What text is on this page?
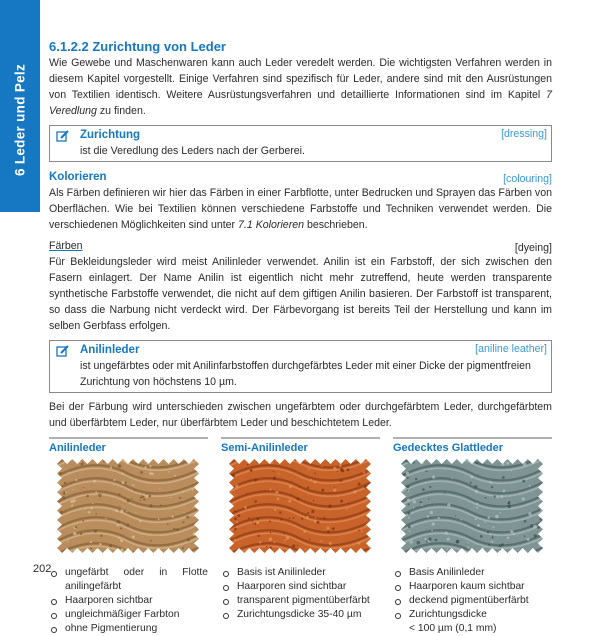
6 Leder und Pelz
6.1.2.2 Zurichtung von Leder

Wie Gewebe und Maschenwaren kann auch Leder veredelt werden. Die wichtigsten Verfahren werden in diesem Kapitel vorgestellt. Einige Verfahren sind spezifisch für Leder, andere sind mit den Ausrüstungen von Textilien identisch. Weitere Ausrüstungsverfahren und detaillierte Informationen sind im Kapitel 7 Veredlung zu finden.

Zurichtung	[dressing]
ist die Veredlung des Leders nach der Gerberei.
Kolorieren	[colouring]

Als Färben definieren wir hier das Färben in einer Farbflotte, unter Bedrucken und Sprayen das Färben von Oberflächen. Wie bei Textilien können verschiedene Farbstoffe und Techniken verwendet werden. Die verschiedenen Möglichkeiten sind unter 7.1 Kolorieren beschrieben.

Färben	[dyeing]

Für Bekleidungsleder wird meist Anilinleder verwendet. Anilin ist ein Farbstoff, der sich zwischen den Fasern einlagert. Der Name Anilin ist eigentlich nicht mehr zutreffend, heute werden transparente synthetische Farbstoffe verwendet, die nicht auf dem giftigen Anilin basieren. Der Farbstoff ist transparent, so dass die Narbung nicht verdeckt wird. Der Färbevorgang ist bereits Teil der Herstellung und kann im selben Gerbfass erfolgen.

Anilinleder	[aniline leather]
ist ungefärbtes oder mit Anilinfarbstoffen durchgefärbtes Leder mit einer Dicke der pigmentfreien Zurichtung von höchstens 10 µm.

Bei der Färbung wird unterschieden zwischen ungefärbtem oder durchgefärbtem Leder, durchgefärbtem und überfärbtem Leder, nur überfärbtem Leder und beschichtetem Leder.

Anilinleder
ungefärbt oder in Flotte anilingefärbt
Haarporen sichtbar
ungleichmäßiger Farbton
ohne Pigmentierung
Semi-Anilinleder
Basis ist Anilinleder
Haarporen sind sichtbar
transparent pigmentüberfärbt
Zurichtungsdicke 35-40 µm
Gedecktes Glattleder
Basis Anilinleder
Haarporen kaum sichtbar
deckend pigmentüberfärbt
Zurichtungsdicke
< 100 µm (0,1 mm)
202
